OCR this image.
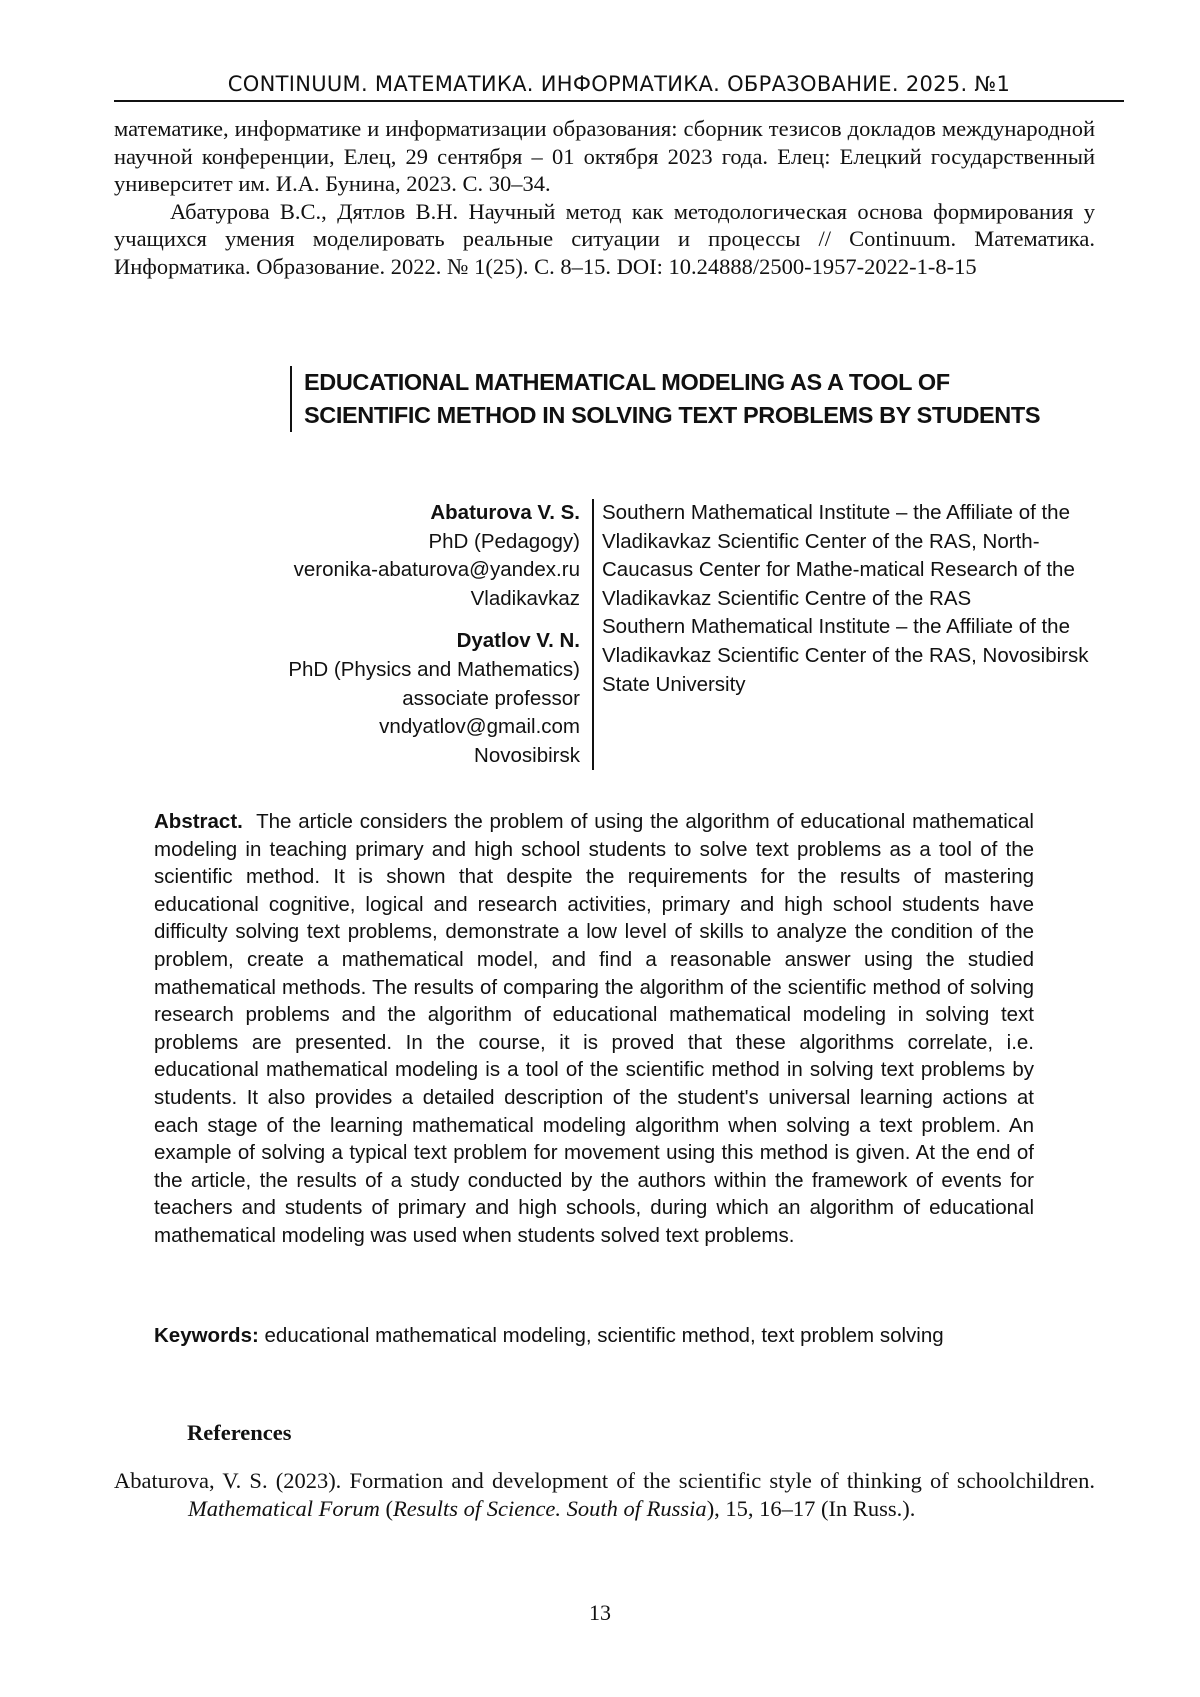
CONTINUUM. МАТЕМАТИКА. ИНФОРМАТИКА. ОБРАЗОВАНИЕ. 2025. №1

математике, информатике и информатизации образования: сборник тезисов докладов международной научной конференции, Елец, 29 сентября – 01 октября 2023 года. Елец: Елецкий государственный университет им. И.А. Бунина, 2023. С. 30–34.

Абатурова В.С., Дятлов В.Н. Научный метод как методологическая основа формирования у учащихся умения моделировать реальные ситуации и процессы // Continuum. Математика. Информатика. Образование. 2022. № 1(25). С. 8–15. DOI: 10.24888/2500-1957-2022-1-8-15

EDUCATIONAL MATHEMATICAL MODELING AS A TOOL OF SCIENTIFIC METHOD IN SOLVING TEXT PROBLEMS BY STUDENTS
Abaturova V. S.
PhD (Pedagogy)
veronika-abaturova@yandex.ru
Vladikavkaz
Dyatlov V. N.
PhD (Physics and Mathematics)
associate professor
vndyatlov@gmail.com
Novosibirsk
Southern Mathematical Institute – the Affiliate of the Vladikavkaz Scientific Center of the RAS, North-Caucasus Center for Mathe-matical Research of the Vladikavkaz Scientific Centre of the RAS
Southern Mathematical Institute – the Affiliate of the Vladikavkaz Scientific Center of the RAS, Novosibirsk State University

Abstract. The article considers the problem of using the algorithm of educational mathematical modeling in teaching primary and high school students to solve text problems as a tool of the scientific method. It is shown that despite the requirements for the results of mastering educational cognitive, logical and research activities, primary and high school students have difficulty solving text problems, demonstrate a low level of skills to analyze the condition of the problem, create a mathematical model, and find a reasonable answer using the studied mathematical methods. The results of comparing the algorithm of the scientific method of solving research problems and the algorithm of educational mathematical modeling in solving text problems are presented. In the course, it is proved that these algorithms correlate, i.e. educational mathematical modeling is a tool of the scientific method in solving text problems by students. It also provides a detailed description of the student's universal learning actions at each stage of the learning mathematical modeling algorithm when solving a text problem. An example of solving a typical text problem for movement using this method is given. At the end of the article, the results of a study conducted by the authors within the framework of events for teachers and students of primary and high schools, during which an algorithm of educational mathematical modeling was used when students solved text problems.

Keywords: educational mathematical modeling, scientific method, text problem solving

References
Abaturova, V. S. (2023). Formation and development of the scientific style of thinking of schoolchildren. Mathematical Forum (Results of Science. South of Russia), 15, 16–17 (In Russ.).
13
